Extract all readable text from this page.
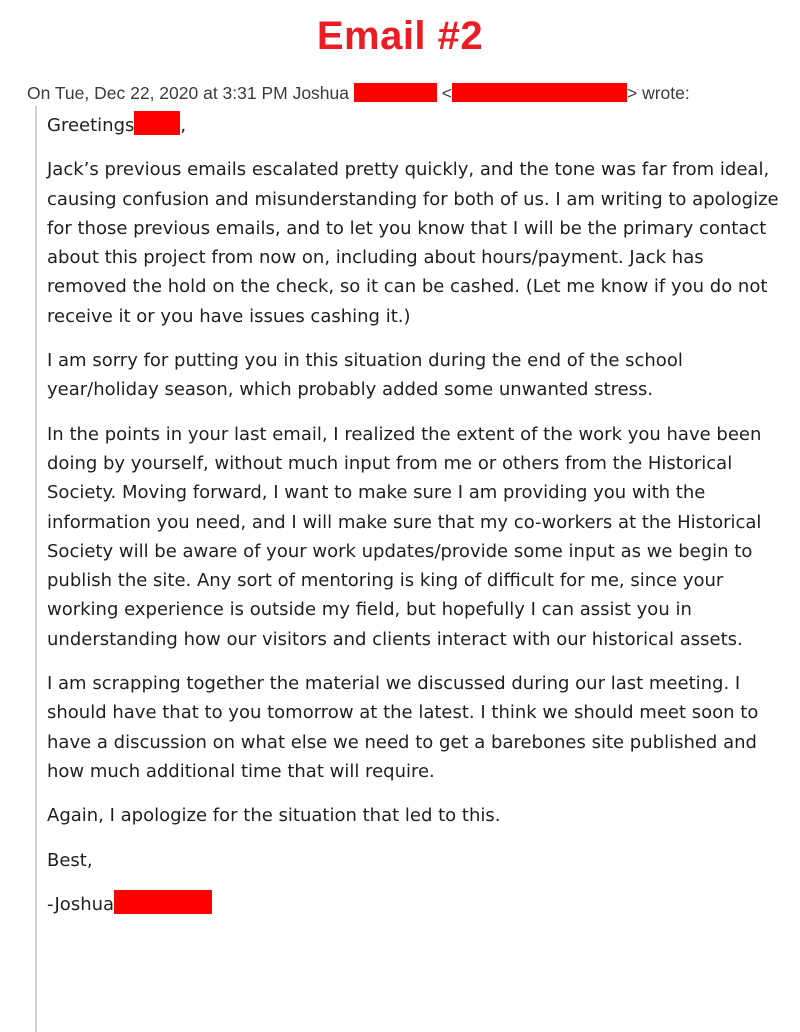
Email #2
On Tue, Dec 22, 2020 at 3:31 PM Joshua	<	> wrote:

Greetings	,

Jack’s previous emails escalated pretty quickly, and the tone was far from ideal, causing confusion and misunderstanding for both of us. I am writing to apologize for those previous emails, and to let you know that I will be the primary contact about this project from now on, including about hours/payment. Jack has removed the hold on the check, so it can be cashed. (Let me know if you do not receive it or you have issues cashing it.)

I am sorry for putting you in this situation during the end of the school year/holiday season, which probably added some unwanted stress.

In the points in your last email, I realized the extent of the work you have been doing by yourself, without much input from me or others from the Historical Society. Moving forward, I want to make sure I am providing you with the information you need, and I will make sure that my co-workers at the Historical Society will be aware of your work updates/provide some input as we begin to publish the site. Any sort of mentoring is king of difficult for me, since your working experience is outside my field, but hopefully I can assist you in understanding how our visitors and clients interact with our historical assets.

I am scrapping together the material we discussed during our last meeting. I should have that to you tomorrow at the latest. I think we should meet soon to have a discussion on what else we need to get a barebones site published and how much additional time that will require.

Again, I apologize for the situation that led to this.

Best,

-Joshua
